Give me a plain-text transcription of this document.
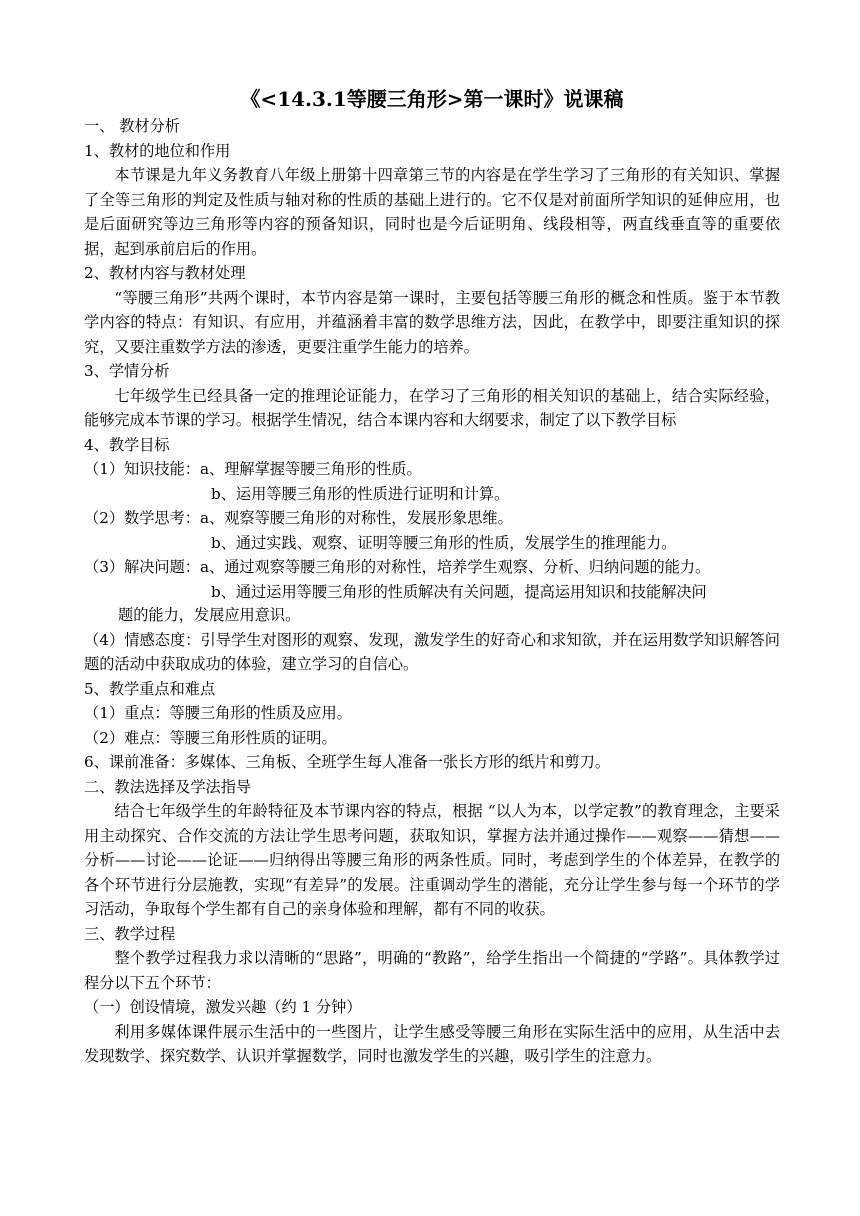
《<14.3.1等腰三角形>第一课时》说课稿
一、 教材分析
1、教材的地位和作用

本节课是九年义务教育八年级上册第十四章第三节的内容是在学生学习了三角形的有关知识、掌握了全等三角形的判定及性质与轴对称的性质的基础上进行的。它不仅是对前面所学知识的延伸应用，也是后面研究等边三角形等内容的预备知识，同时也是今后证明角、线段相等，两直线垂直等的重要依据，起到承前启后的作用。

2、教材内容与教材处理

“等腰三角形”共两个课时，本节内容是第一课时，主要包括等腰三角形的概念和性质。鉴于本节教学内容的特点：有知识、有应用，并蕴涵着丰富的数学思维方法，因此，在教学中，即要注重知识的探究，又要注重数学方法的渗透，更要注重学生能力的培养。

3、学情分析

七年级学生已经具备一定的推理论证能力，在学习了三角形的相关知识的基础上，结合实际经验，能够完成本节课的学习。根据学生情况，结合本课内容和大纲要求，制定了以下教学目标

4、教学目标
（1）知识技能： a、理解掌握等腰三角形的性质。
b、运用等腰三角形的性质进行证明和计算。
（2）数学思考： a、观察等腰三角形的对称性，发展形象思维。
b、通过实践、观察、证明等腰三角形的性质，发展学生的推理能力。
（3）解决问题： a、通过观察等腰三角形的对称性，培养学生观察、分析、归纳问题的能力。
b、通过运用等腰三角形的性质解决有关问题，提高运用知识和技能解决问
题的能力，发展应用意识。

（4）情感态度：引导学生对图形的观察、发现，激发学生的好奇心和求知欲，并在运用数学知识解答问题的活动中获取成功的体验，建立学习的自信心。

5、教学重点和难点
（1）重点：等腰三角形的性质及应用。
（2）难点：等腰三角形性质的证明。
6、课前准备：多媒体、三角板、全班学生每人准备一张长方形的纸片和剪刀。
二、教法选择及学法指导

结合七年级学生的年龄特征及本节课内容的特点，根据 “以人为本，以学定教”的教育理念，主要采用主动探究、合作交流的方法让学生思考问题，获取知识，掌握方法并通过操作——观察——猜想——分析——讨论——论证——归纳得出等腰三角形的两条性质。同时，考虑到学生的个体差异，在教学的各个环节进行分层施教，实现“有差异”的发展。注重调动学生的潜能，充分让学生参与每一个环节的学习活动，争取每个学生都有自己的亲身体验和理解，都有不同的收获。

三、教学过程

整个教学过程我力求以清晰的“思路”，明确的“教路”，给学生指出一个简捷的“学路”。具体教学过程分以下五个环节：

（一）创设情境，激发兴趣（约 1 分钟）

利用多媒体课件展示生活中的一些图片，让学生感受等腰三角形在实际生活中的应用，从生活中去发现数学、探究数学、认识并掌握数学，同时也激发学生的兴趣，吸引学生的注意力。
